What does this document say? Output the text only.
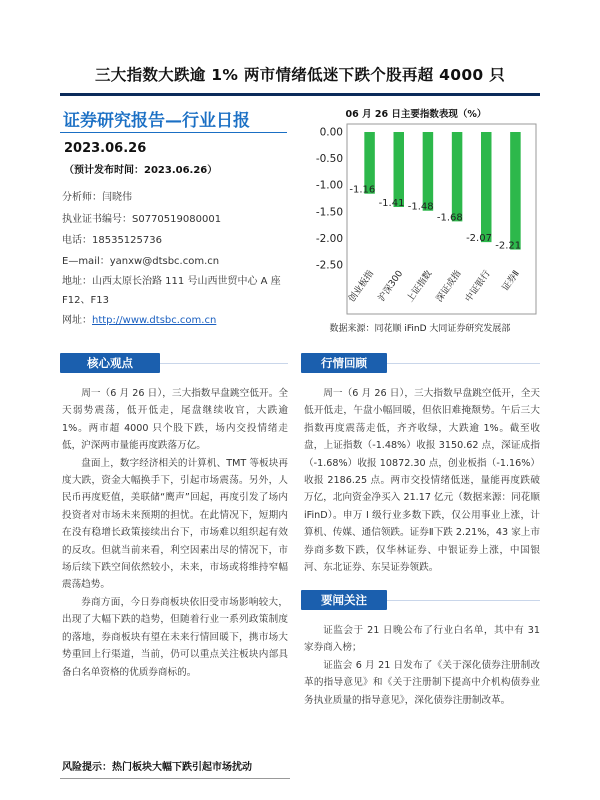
三大指数大跌逾 1% 两市情绪低迷下跌个股再超 4000 只
证券研究报告—行业日报
2023.06.26
（预计发布时间：2023.06.26）
分析师：闫晓伟
执业证书编号：S0770519080001
电话：18535125736
E—mail：yanxw@dtsbc.com.cn
地址：山西太原长治路 111 号山西世贸中心 A 座
F12、F13
网址：http://www.dtsbc.com.cn
06 月 26 日主要指数表现（%）
0.00
-0.50
-1.00
-1.50
-2.00
-2.50
-1.16
创业板指
-1.41
沪深300
-1.48
上证指数
-1.68
深证成指
-2.07
中证银行
-2.21
证券Ⅱ
数据来源：同花顺 iFinD 大同证券研究发展部
核心观点

周一（6 月 26 日），三大指数早盘跳空低开。全天弱势震荡，低开低走，尾盘继续收官，大跌逾 1%。两市超 4000 只个股下跌，场内交投情绪走低，沪深两市量能再度跌落万亿。

盘面上，数字经济相关的计算机、TMT 等板块再度大跌，资金大幅换手下，引起市场震荡。另外，人民币再度贬值，美联储“鹰声”回起，再度引发了场内投资者对市场未来预期的担忧。在此情况下，短期内在没有稳增长政策接续出台下，市场难以组织起有效的反攻。但就当前来看，利空因素出尽的情况下，市场后续下跌空间依然较小，未来，市场或将维持窄幅震荡趋势。

券商方面，今日券商板块依旧受市场影响较大，出现了大幅下跌的趋势，但随着行业一系列政策制度的落地，券商板块有望在未来行情回暖下，携市场大势重回上行渠道，当前，仍可以重点关注板块内部具备白名单资格的优质券商标的。

风险提示：热门板块大幅下跌引起市场扰动
行情回顾

周一（6 月 26 日），三大指数早盘跳空低开，全天低开低走，午盘小幅回暖，但依旧难掩颓势。午后三大指数再度震荡走低，齐齐收绿，大跌逾 1%。截至收盘，上证指数（-1.48%）收报 3150.62 点，深证成指（-1.68%）收报 10872.30 点，创业板指（-1.16%）收报 2186.25 点。两市交投情绪低迷，量能再度跌破万亿，北向资金净买入 21.17 亿元（数据来源：同花顺 iFinD）。申万 I 级行业多数下跌，仅公用事业上涨，计算机、传媒、通信领跌。证券Ⅱ下跌 2.21%，43 家上市券商多数下跌，仅华林证券、中银证券上涨，中国银河、东北证券、东吴证券领跌。

要闻关注

证监会于 21 日晚公布了行业白名单，其中有 31 家券商入榜；

证监会 6 月 21 日发布了《关于深化债券注册制改革的指导意见》和《关于注册制下提高中介机构债券业务执业质量的指导意见》，深化债券注册制改革。
